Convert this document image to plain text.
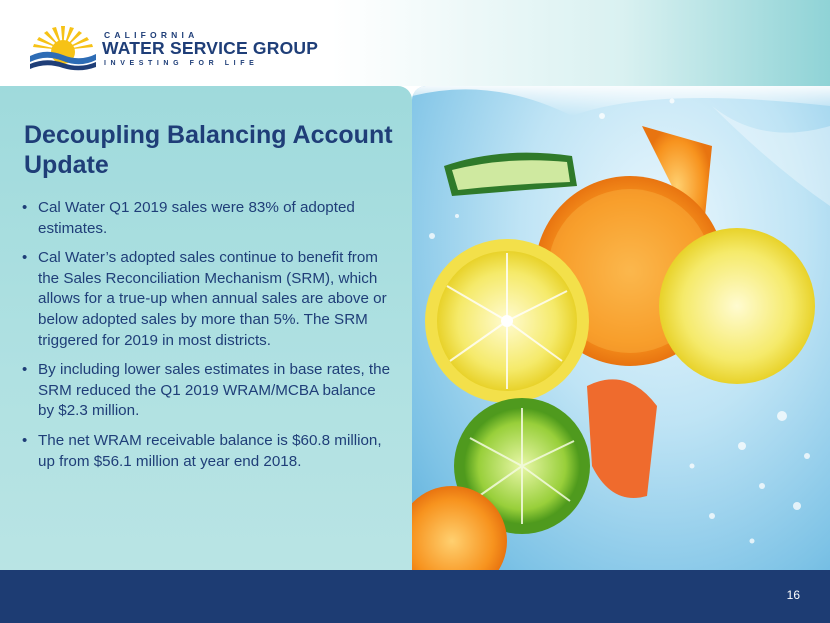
CALIFORNIA
WATER SERVICE GROUP
INVESTING FOR LIFE
Decoupling Balancing Account Update
• Cal Water Q1 2019 sales were 83% of adopted estimates.
• Cal Water’s adopted sales continue to benefit from the Sales Reconciliation Mechanism (SRM), which allows for a true-up when annual sales are above or below adopted sales by more than 5%. The SRM triggered for 2019 in most districts.
• By including lower sales estimates in base rates, the SRM reduced the Q1 2019 WRAM/MCBA balance by $2.3 million.
• The net WRAM receivable balance is $60.8 million, up from $56.1 million at year end 2018.
16
